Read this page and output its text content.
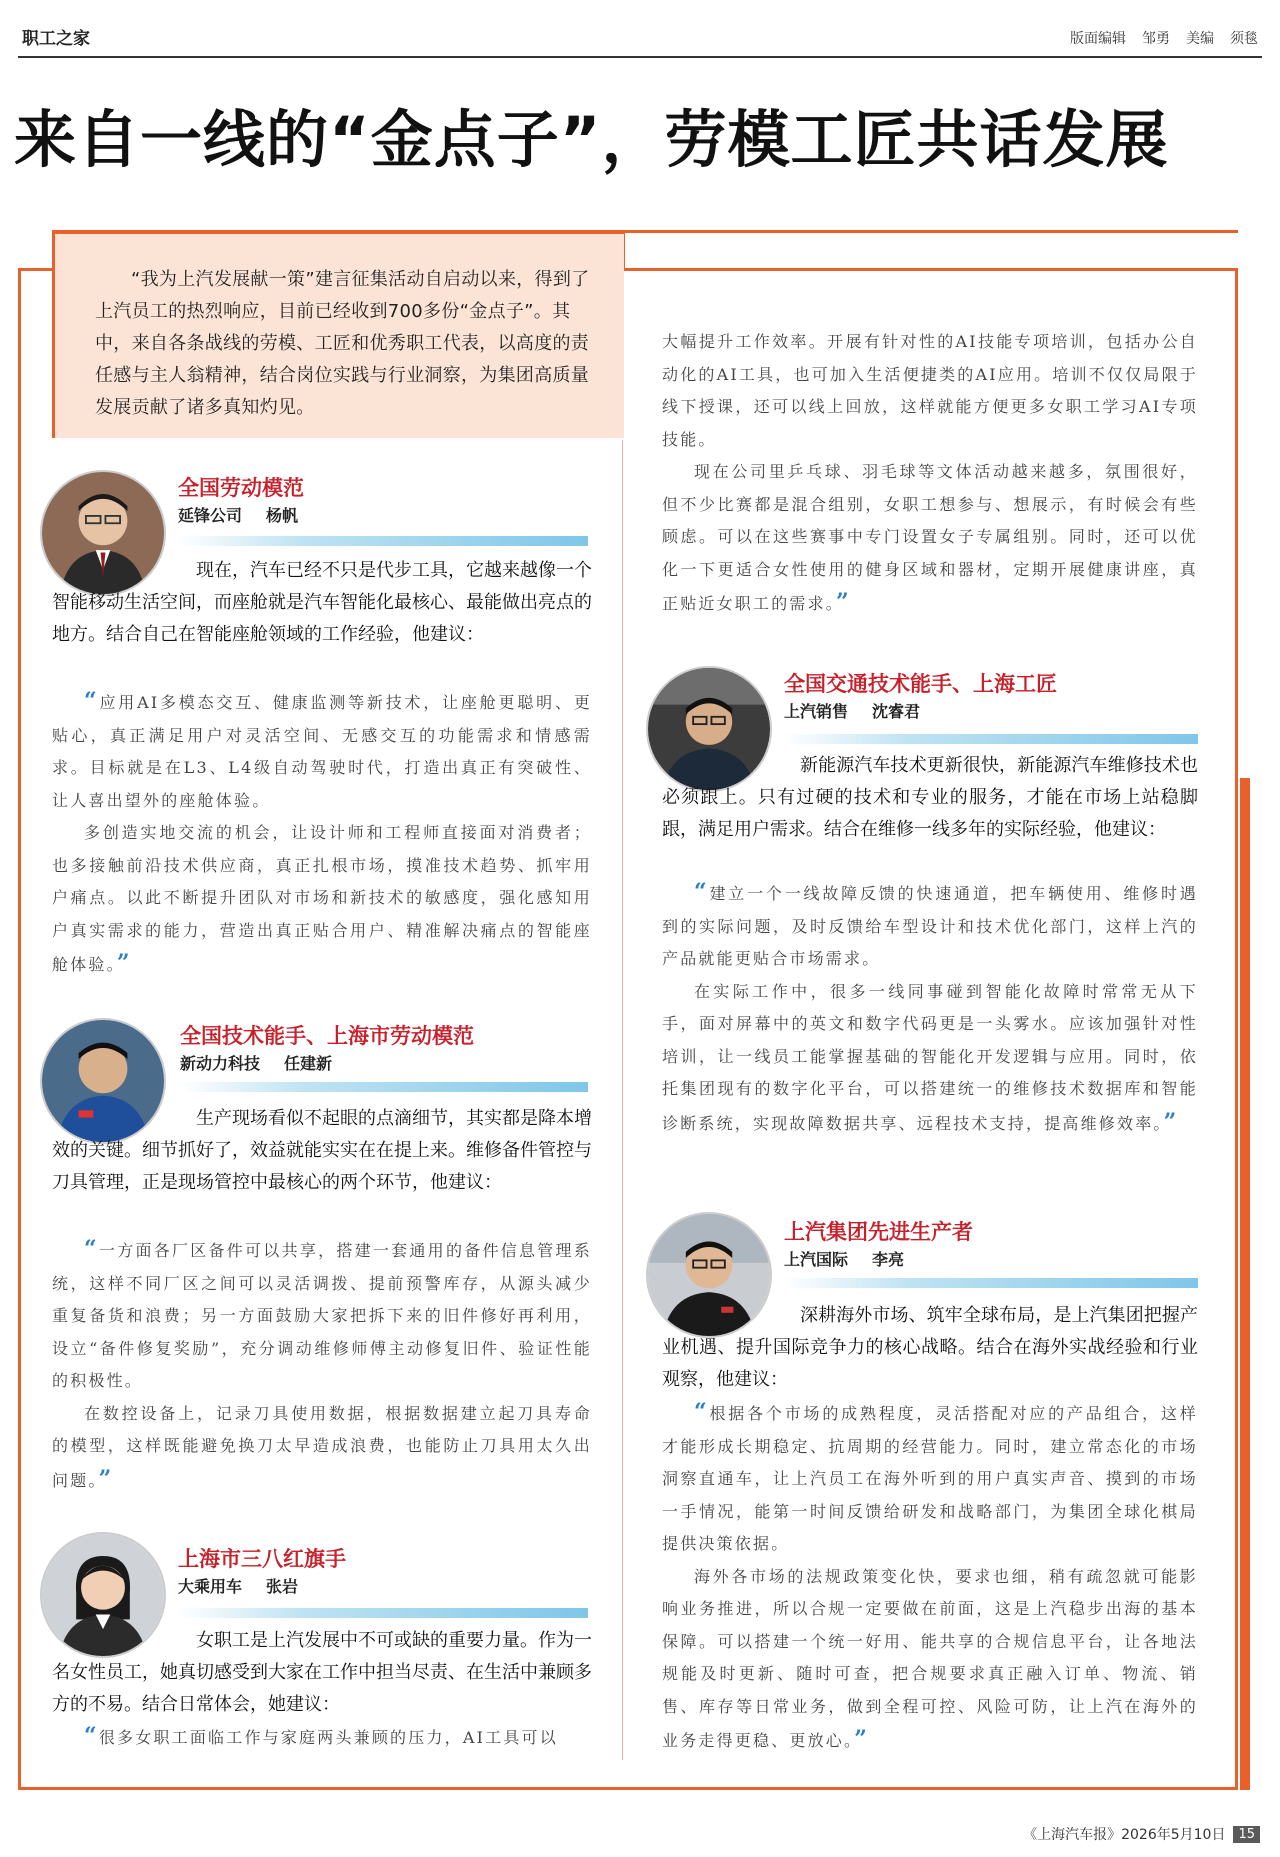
职工之家	版面编辑 邹勇 美编 须毯
来自一线的“金点子”，劳模工匠共话发展

“我为上汽发展献一策”建言征集活动自启动以来，得到了上汽员工的热烈响应，目前已经收到700多份“金点子”。其中，来自各条战线的劳模、工匠和优秀职工代表，以高度的责任感与主人翁精神，结合岗位实践与行业洞察，为集团高质量发展贡献了诸多真知灼见。

全国劳动模范
延锋公司 杨帆
现在，汽车已经不只是代步工具，它越来越像一个智能移动生活空间，而座舱就是汽车智能化最核心、最能做出亮点的地方。结合自己在智能座舱领域的工作经验，他建议：

“应用AI多模态交互、健康监测等新技术，让座舱更聪明、更贴心，真正满足用户对灵活空间、无感交互的功能需求和情感需求。目标就是在L3、L4级自动驾驶时代，打造出真正有突破性、让人喜出望外的座舱体验。

多创造实地交流的机会，让设计师和工程师直接面对消费者；也多接触前沿技术供应商，真正扎根市场，摸准技术趋势、抓牢用户痛点。以此不断提升团队对市场和新技术的敏感度，强化感知用户真实需求的能力，营造出真正贴合用户、精准解决痛点的智能座舱体验。”

全国技术能手、上海市劳动模范
新动力科技 任建新
生产现场看似不起眼的点滴细节，其实都是降本增效的关键。细节抓好了，效益就能实实在在提上来。维修备件管控与刀具管理，正是现场管控中最核心的两个环节，他建议：

“一方面各厂区备件可以共享，搭建一套通用的备件信息管理系统，这样不同厂区之间可以灵活调拨、提前预警库存，从源头减少重复备货和浪费；另一方面鼓励大家把拆下来的旧件修好再利用，设立“备件修复奖励”，充分调动维修师傅主动修复旧件、验证性能的积极性。

在数控设备上，记录刀具使用数据，根据数据建立起刀具寿命的模型，这样既能避免换刀太早造成浪费，也能防止刀具用太久出问题。”

上海市三八红旗手
大乘用车 张岩
女职工是上汽发展中不可或缺的重要力量。作为一名女性员工，她真切感受到大家在工作中担当尽责、在生活中兼顾多方的不易。结合日常体会，她建议：

“很多女职工面临工作与家庭两头兼顾的压力，AI工具可以

大幅提升工作效率。开展有针对性的AI技能专项培训，包括办公自动化的AI工具，也可加入生活便捷类的AI应用。培训不仅仅局限于线下授课，还可以线上回放，这样就能方便更多女职工学习AI专项技能。

现在公司里乒乓球、羽毛球等文体活动越来越多，氛围很好，但不少比赛都是混合组别，女职工想参与、想展示，有时候会有些顾虑。可以在这些赛事中专门设置女子专属组别。同时，还可以优化一下更适合女性使用的健身区域和器材，定期开展健康讲座，真正贴近女职工的需求。”

全国交通技术能手、上海工匠
上汽销售 沈睿君
新能源汽车技术更新很快，新能源汽车维修技术也必须跟上。只有过硬的技术和专业的服务，才能在市场上站稳脚跟，满足用户需求。结合在维修一线多年的实际经验，他建议：

“建立一个一线故障反馈的快速通道，把车辆使用、维修时遇到的实际问题，及时反馈给车型设计和技术优化部门，这样上汽的产品就能更贴合市场需求。

在实际工作中，很多一线同事碰到智能化故障时常常无从下手，面对屏幕中的英文和数字代码更是一头雾水。应该加强针对性培训，让一线员工能掌握基础的智能化开发逻辑与应用。同时，依托集团现有的数字化平台，可以搭建统一的维修技术数据库和智能诊断系统，实现故障数据共享、远程技术支持，提高维修效率。”

上汽集团先进生产者
上汽国际 李亮
深耕海外市场、筑牢全球布局，是上汽集团把握产业机遇、提升国际竞争力的核心战略。结合在海外实战经验和行业观察，他建议：

“根据各个市场的成熟程度，灵活搭配对应的产品组合，这样才能形成长期稳定、抗周期的经营能力。同时，建立常态化的市场洞察直通车，让上汽员工在海外听到的用户真实声音、摸到的市场一手情况，能第一时间反馈给研发和战略部门，为集团全球化棋局提供决策依据。

海外各市场的法规政策变化快，要求也细，稍有疏忽就可能影响业务推进，所以合规一定要做在前面，这是上汽稳步出海的基本保障。可以搭建一个统一好用、能共享的合规信息平台，让各地法规能及时更新、随时可查，把合规要求真正融入订单、物流、销售、库存等日常业务，做到全程可控、风险可防，让上汽在海外的业务走得更稳、更放心。”

《上海汽车报》2026年5月10日	15
